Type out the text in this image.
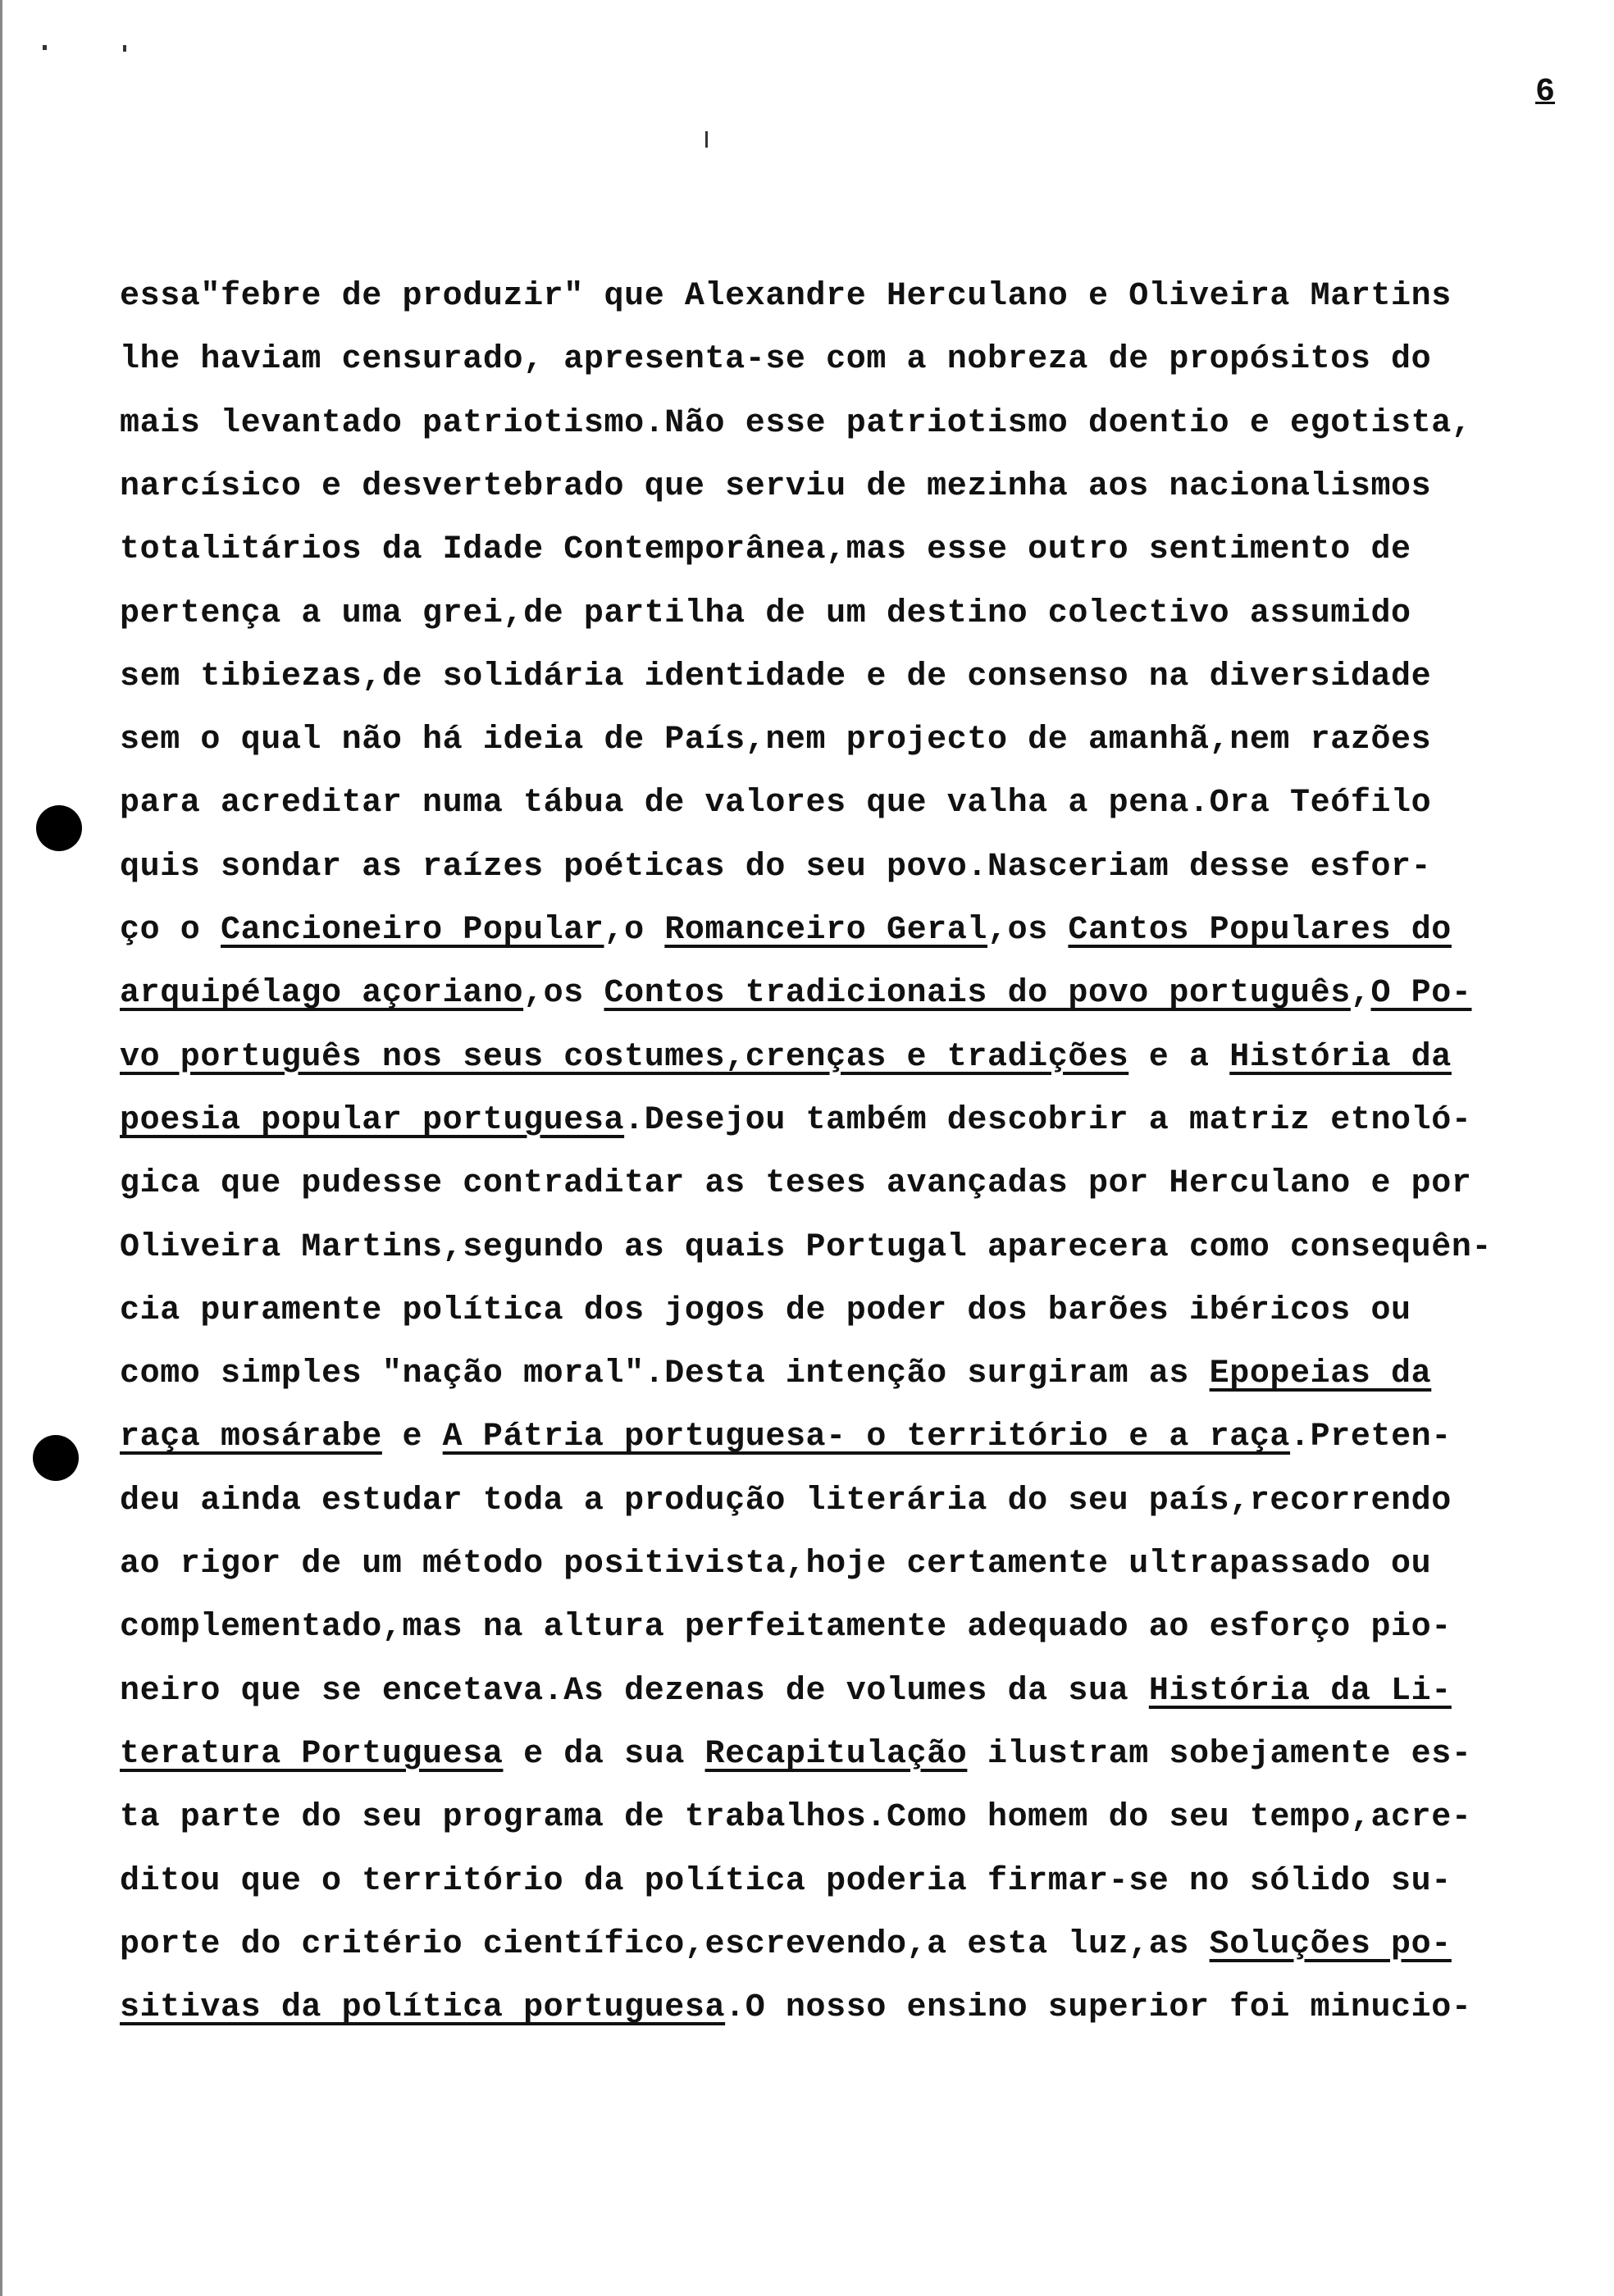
6
essa"febre de produzir" que Alexandre Herculano e Oliveira Martins
lhe haviam censurado, apresenta-se com a nobreza de propósitos do
mais levantado patriotismo.Não esse patriotismo doentio e egotista,
narcísico e desvertebrado que serviu de mezinha aos nacionalismos
totalitários da Idade Contemporânea,mas esse outro sentimento de
pertença a uma grei,de partilha de um destino colectivo assumido
sem tibiezas,de solidária identidade e de consenso na diversidade
sem o qual não há ideia de País,nem projecto de amanhã,nem razões
para acreditar numa tábua de valores que valha a pena.Ora Teófilo
quis sondar as raízes poéticas do seu povo.Nasceriam desse esfor-
ço o Cancioneiro Popular,o Romanceiro Geral,os Cantos Populares do
arquipélago açoriano,os Contos tradicionais do povo português,O Po-
vo português nos seus costumes,crenças e tradições e a História da
poesia popular portuguesa.Desejou também descobrir a matriz etnoló-
gica que pudesse contraditar as teses avançadas por Herculano e por
Oliveira Martins,segundo as quais Portugal aparecera como consequên-
cia puramente política dos jogos de poder dos barões ibéricos ou
como simples "nação moral".Desta intenção surgiram as Epopeias da
raça mosárabe e A Pátria portuguesa- o território e a raça.Preten-
deu ainda estudar toda a produção literária do seu país,recorrendo
ao rigor de um método positivista,hoje certamente ultrapassado ou
complementado,mas na altura perfeitamente adequado ao esforço pio-
neiro que se encetava.As dezenas de volumes da sua História da Li-
teratura Portuguesa e da sua Recapitulação ilustram sobejamente es-
ta parte do seu programa de trabalhos.Como homem do seu tempo,acre-
ditou que o território da política poderia firmar-se no sólido su-
porte do critério científico,escrevendo,a esta luz,as Soluções po-
sitivas da política portuguesa.O nosso ensino superior foi minucio-
